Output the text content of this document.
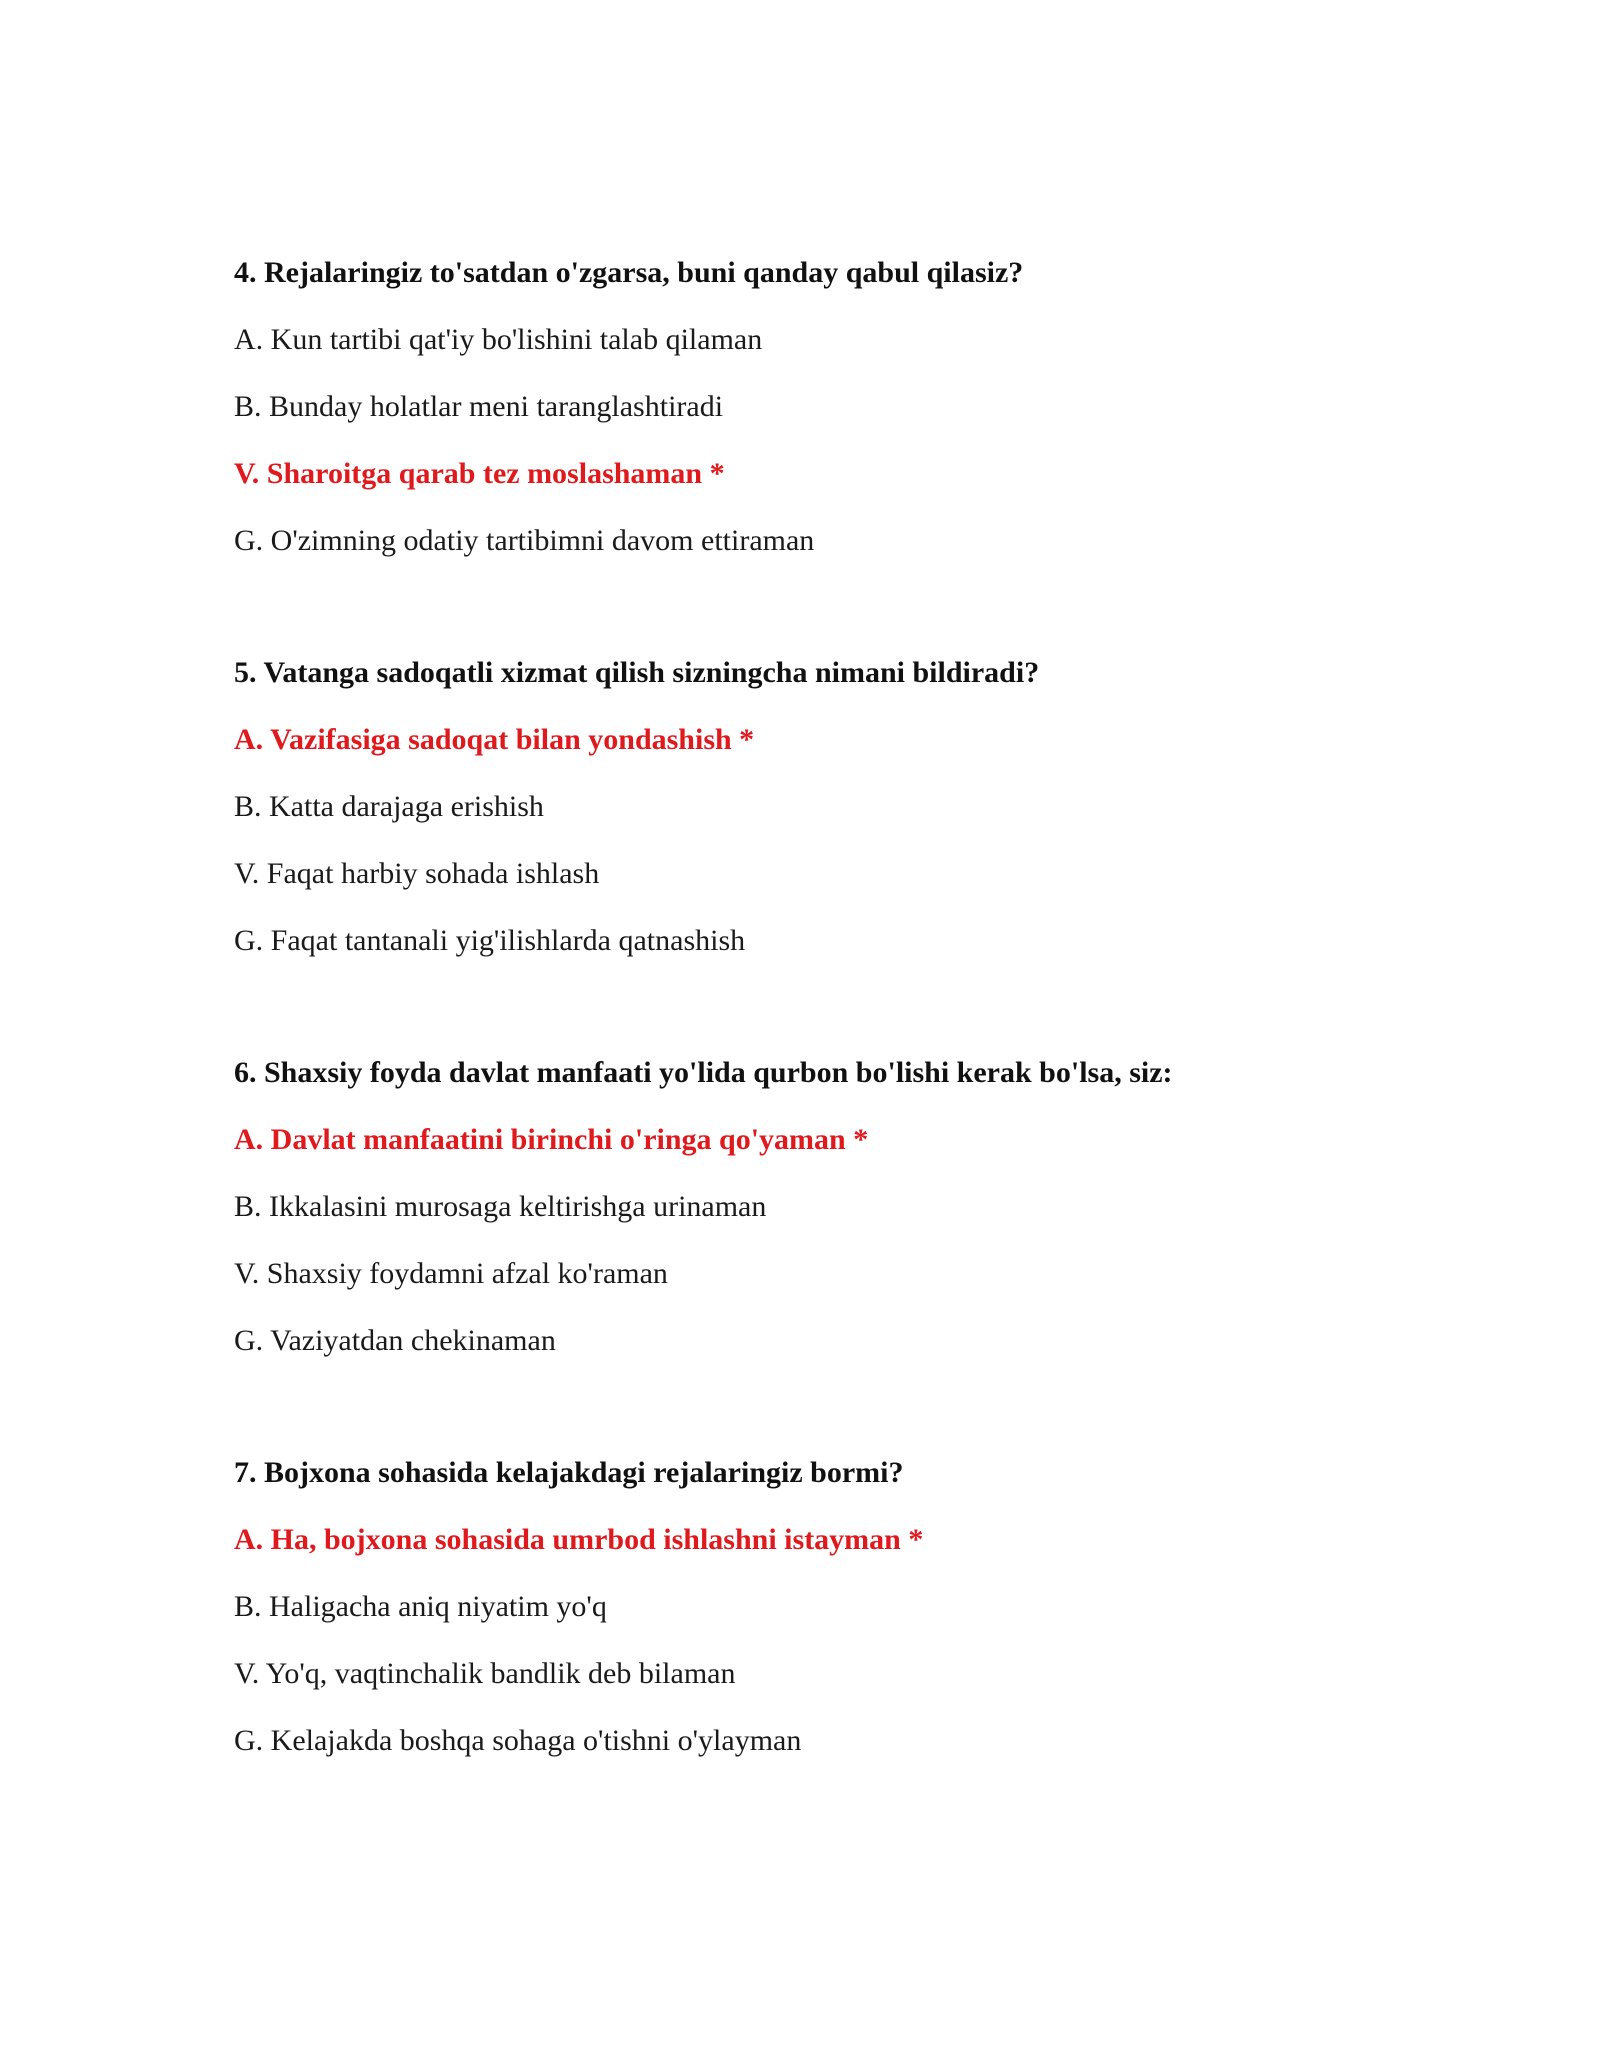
4. Rejalaringiz to'satdan o'zgarsa, buni qanday qabul qilasiz?

A. Kun tartibi qat'iy bo'lishini talab qilaman

B. Bunday holatlar meni taranglashtiradi

V. Sharoitga qarab tez moslashaman *

G. O'zimning odatiy tartibimni davom ettiraman

5. Vatanga sadoqatli xizmat qilish sizningcha nimani bildiradi?

A. Vazifasiga sadoqat bilan yondashish *

B. Katta darajaga erishish

V. Faqat harbiy sohada ishlash

G. Faqat tantanali yig'ilishlarda qatnashish

6. Shaxsiy foyda davlat manfaati yo'lida qurbon bo'lishi kerak bo'lsa, siz:

A. Davlat manfaatini birinchi o'ringa qo'yaman *

B. Ikkalasini murosaga keltirishga urinaman

V. Shaxsiy foydamni afzal ko'raman

G. Vaziyatdan chekinaman

7. Bojxona sohasida kelajakdagi rejalaringiz bormi?

A. Ha, bojxona sohasida umrbod ishlashni istayman *

B. Haligacha aniq niyatim yo'q

V. Yo'q, vaqtinchalik bandlik deb bilaman

G. Kelajakda boshqa sohaga o'tishni o'ylayman
